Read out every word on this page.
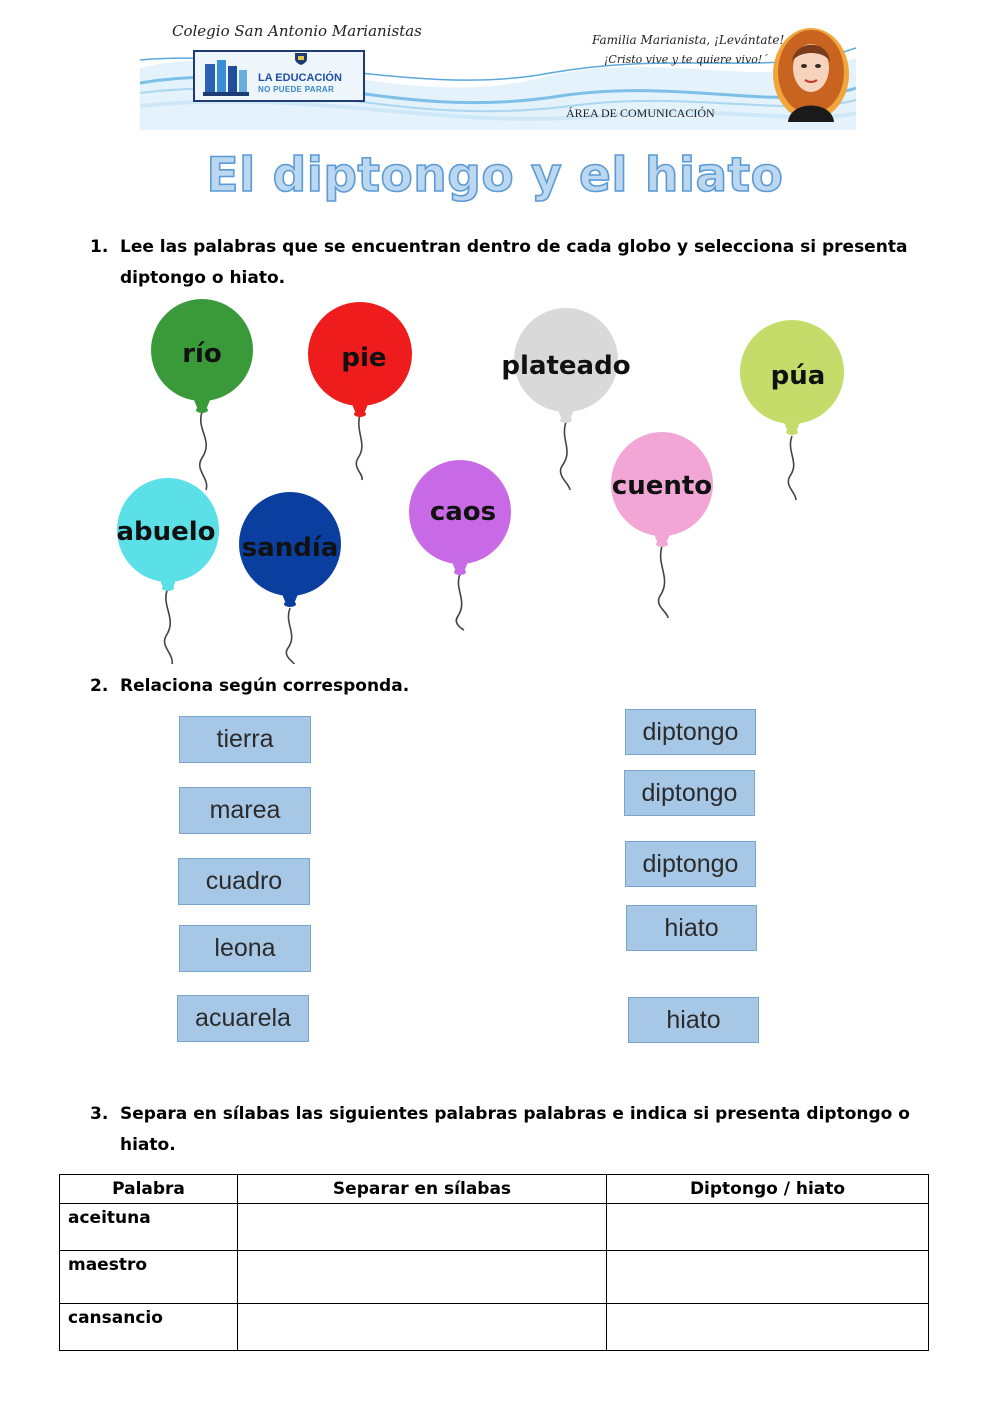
Colegio San Antonio Marianistas
LA EDUCACIÓN
NO PUEDE PARAR
Familia Marianista, ¡Levántate!
¡Cristo vive y te quiere vivo!´
ÁREA DE COMUNICACIÓN
El diptongo y el hiato
1. Lee las palabras que se encuentran dentro de cada globo y selecciona si presenta diptongo o hiato.
río	pie	plateado	púa
abuelo
sandía
caos
cuento
2. Relaciona según corresponda.
tierra
marea
cuadro
leona
acuarela
diptongo
diptongo
diptongo
hiato
hiato
3. Separa en sílabas las siguientes palabras palabras e indica si presenta diptongo o hiato.
Palabra	Separar en sílabas	Diptongo / hiato
aceituna		
maestro		
cansancio		
